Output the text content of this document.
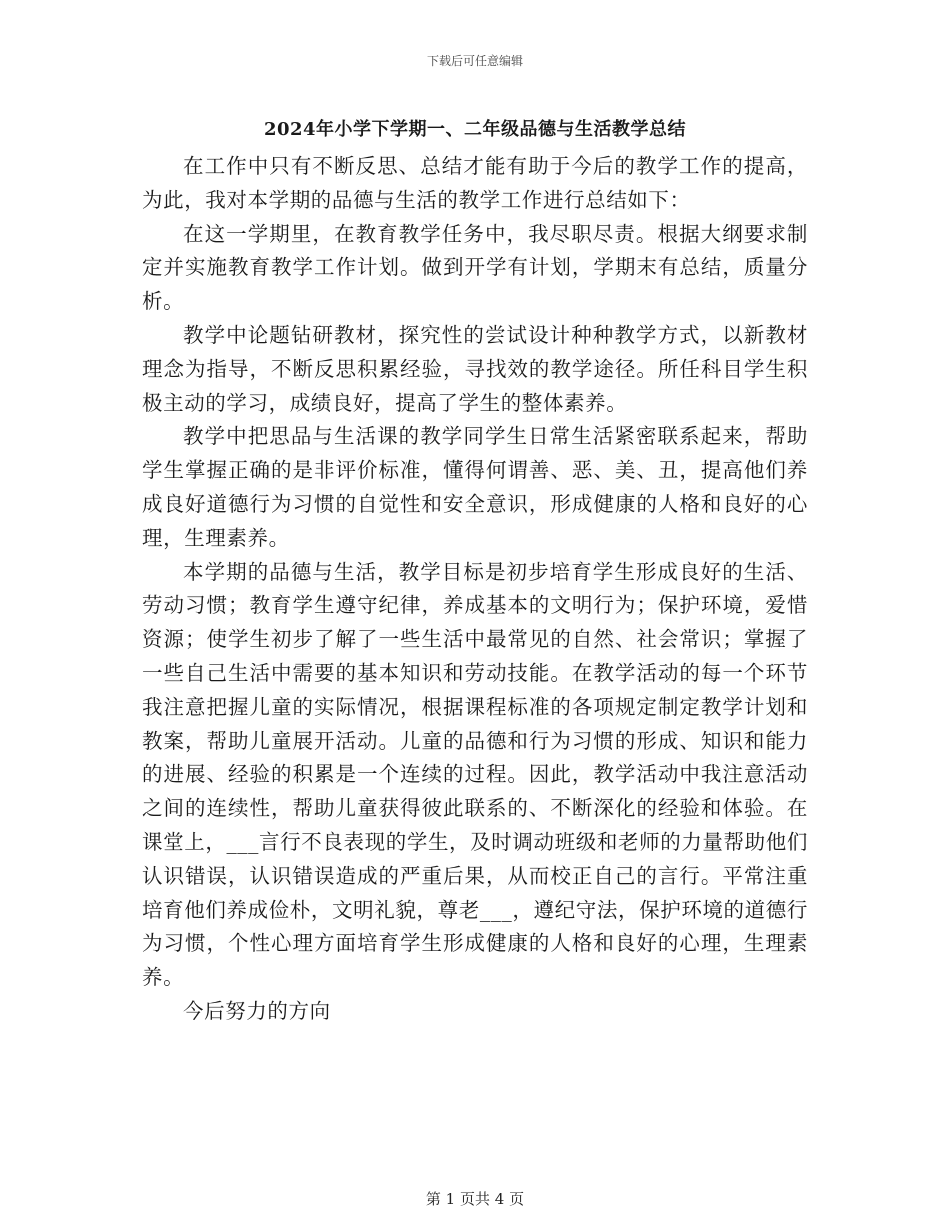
下载后可任意编辑
2024年小学下学期一、二年级品德与生活教学总结

在工作中只有不断反思、总结才能有助于今后的教学工作的提高，为此，我对本学期的品德与生活的教学工作进行总结如下：

在这一学期里，在教育教学任务中，我尽职尽责。根据大纲要求制定并实施教育教学工作计划。做到开学有计划，学期末有总结，质量分析。

教学中论题钻研教材，探究性的尝试设计种种教学方式，以新教材理念为指导，不断反思积累经验，寻找效的教学途径。所任科目学生积极主动的学习，成绩良好，提高了学生的整体素养。

教学中把思品与生活课的教学同学生日常生活紧密联系起来，帮助学生掌握正确的是非评价标准，懂得何谓善、恶、美、丑，提高他们养成良好道德行为习惯的自觉性和安全意识，形成健康的人格和良好的心理，生理素养。

本学期的品德与生活，教学目标是初步培育学生形成良好的生活、劳动习惯；教育学生遵守纪律，养成基本的文明行为；保护环境，爱惜资源；使学生初步了解了一些生活中最常见的自然、社会常识；掌握了一些自己生活中需要的基本知识和劳动技能。在教学活动的每一个环节我注意把握儿童的实际情况，根据课程标准的各项规定制定教学计划和教案，帮助儿童展开活动。儿童的品德和行为习惯的形成、知识和能力的进展、经验的积累是一个连续的过程。因此，教学活动中我注意活动之间的连续性，帮助儿童获得彼此联系的、不断深化的经验和体验。在课堂上，___言行不良表现的学生，及时调动班级和老师的力量帮助他们认识错误，认识错误造成的严重后果，从而校正自己的言行。平常注重培育他们养成俭朴，文明礼貌，尊老___，遵纪守法，保护环境的道德行为习惯，个性心理方面培育学生形成健康的人格和良好的心理，生理素养。

今后努力的方向

第 1 页共 4 页
